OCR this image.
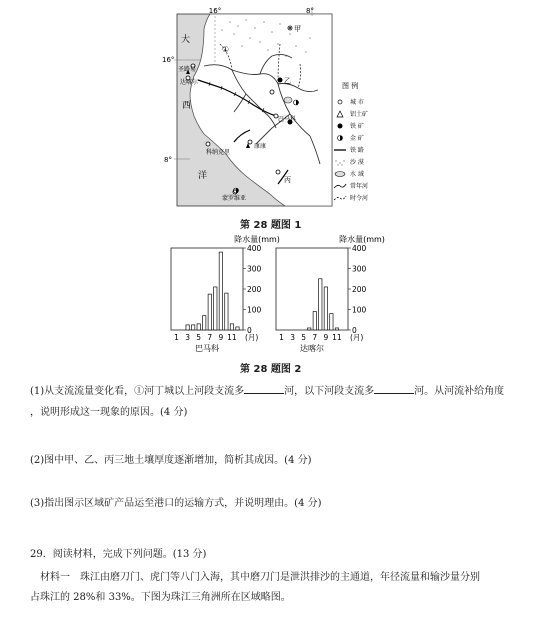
16°	8°
16°
8°
大
西
洋
甲
乙
丙
①
圣路易
达喀尔
巴马科
科纳克里
康康
蒙罗维亚
图 例
城 市
铝土矿
铁 矿
金 矿
铁 路
沙 漠
水 域
常年河
时令河
第 28 题图 1
降水量(mm)
400
300
200
100
0
1 3 5 7 9 11 (月)
巴马科
降水量(mm)
400
300
200
100
0
1 3 5 7 9 11 (月)
达喀尔
第 28 题图 2
(1)从支流流量变化看，①河丁城以上河段支流多	河，以下河段支流多	河。从河流补给角度
，说明形成这一现象的原因。(4 分)
(2)图中甲、乙、丙三地土壤厚度逐渐增加，简析其成因。(4 分)
(3)指出图示区域矿产品运至港口的运输方式，并说明理由。(4 分)
29．阅读材料，完成下列问题。(13 分)
材料一　珠江由磨刀门、虎门等八门入海，其中磨刀门是泄洪排沙的主通道，年径流量和输沙量分别
占珠江的 28%和 33%。下图为珠江三角洲所在区域略图。
